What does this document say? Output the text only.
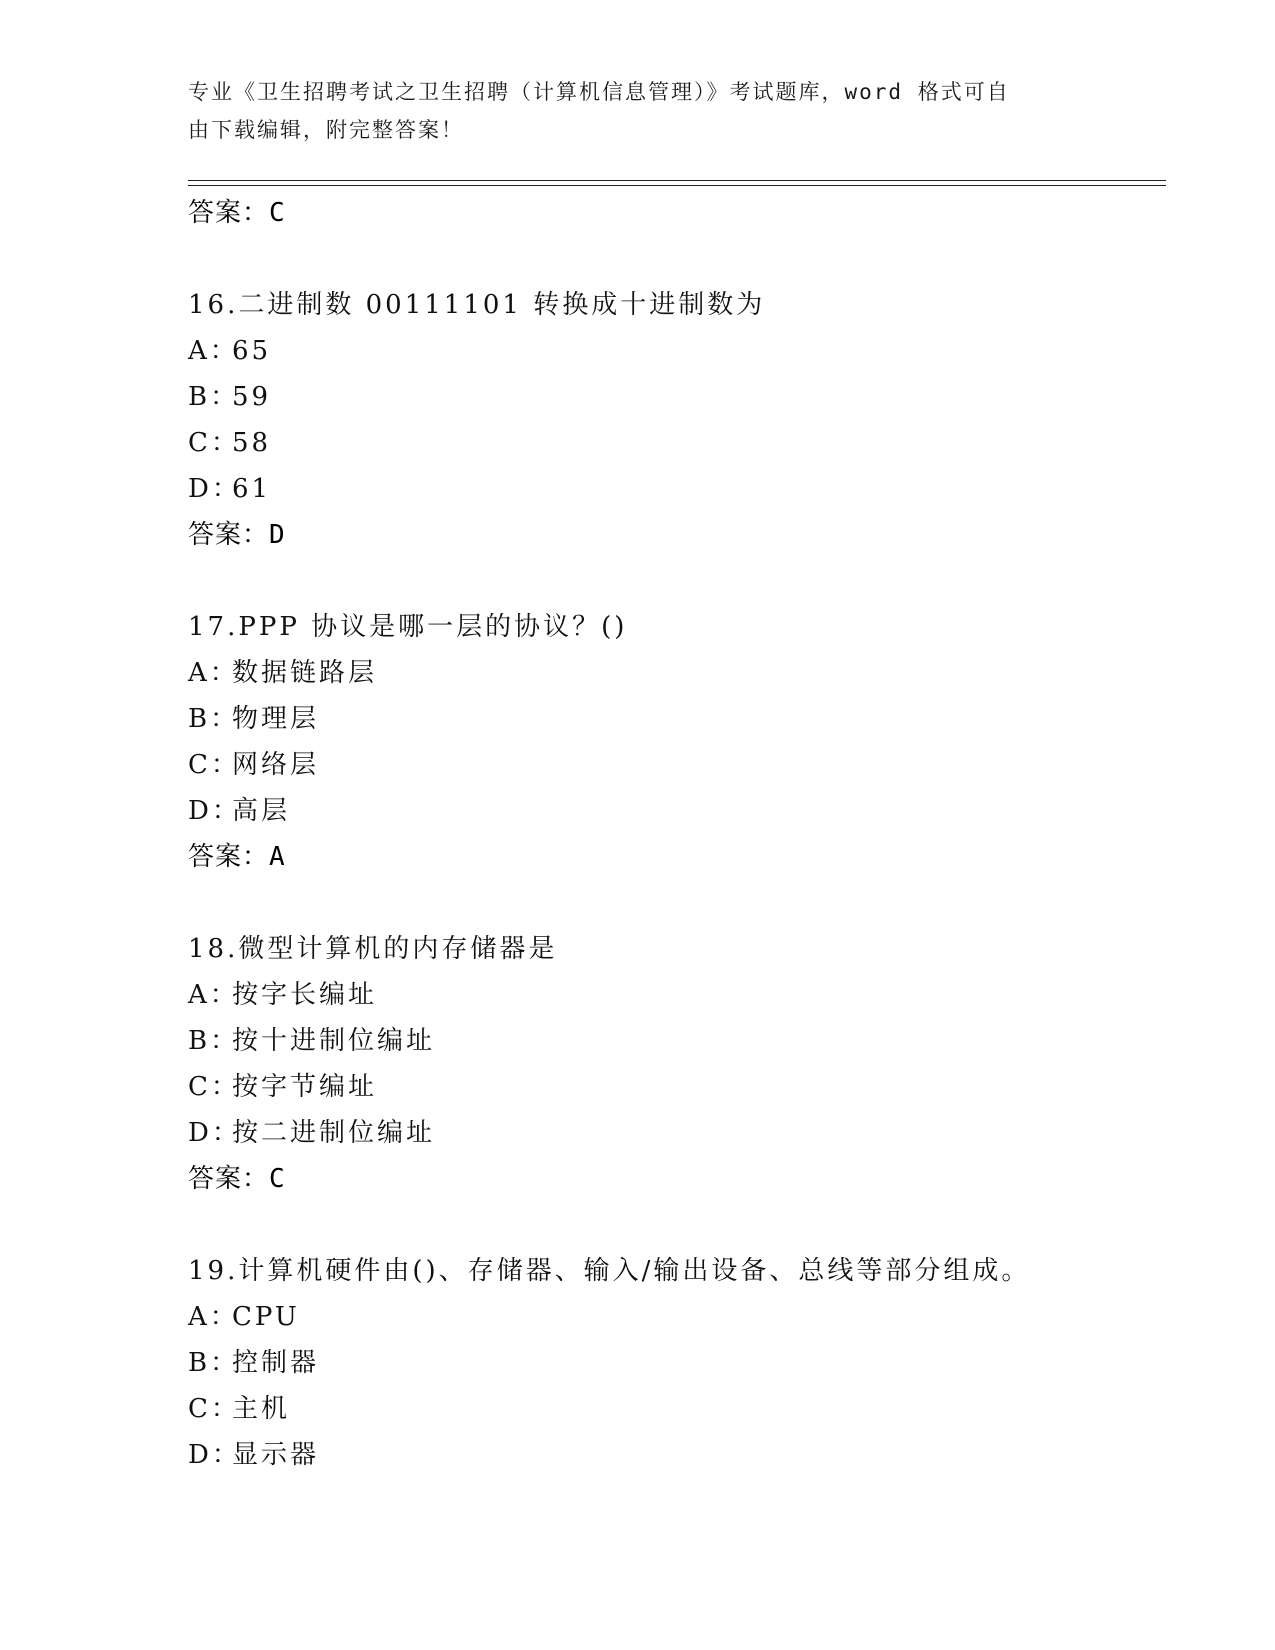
专业《卫生招聘考试之卫生招聘（计算机信息管理）》考试题库，word 格式可自
由下载编辑，附完整答案！
答案：C
16.二进制数 00111101 转换成十进制数为
A：65
B：59
C：58
D：61
答案：D
17.PPP 协议是哪一层的协议？()
A：数据链路层
B：物理层
C：网络层
D：高层
答案：A
18.微型计算机的内存储器是
A：按字长编址
B：按十进制位编址
C：按字节编址
D：按二进制位编址
答案：C
19.计算机硬件由()、存储器、输入/输出设备、总线等部分组成。
A：CPU
B：控制器
C：主机
D：显示器
